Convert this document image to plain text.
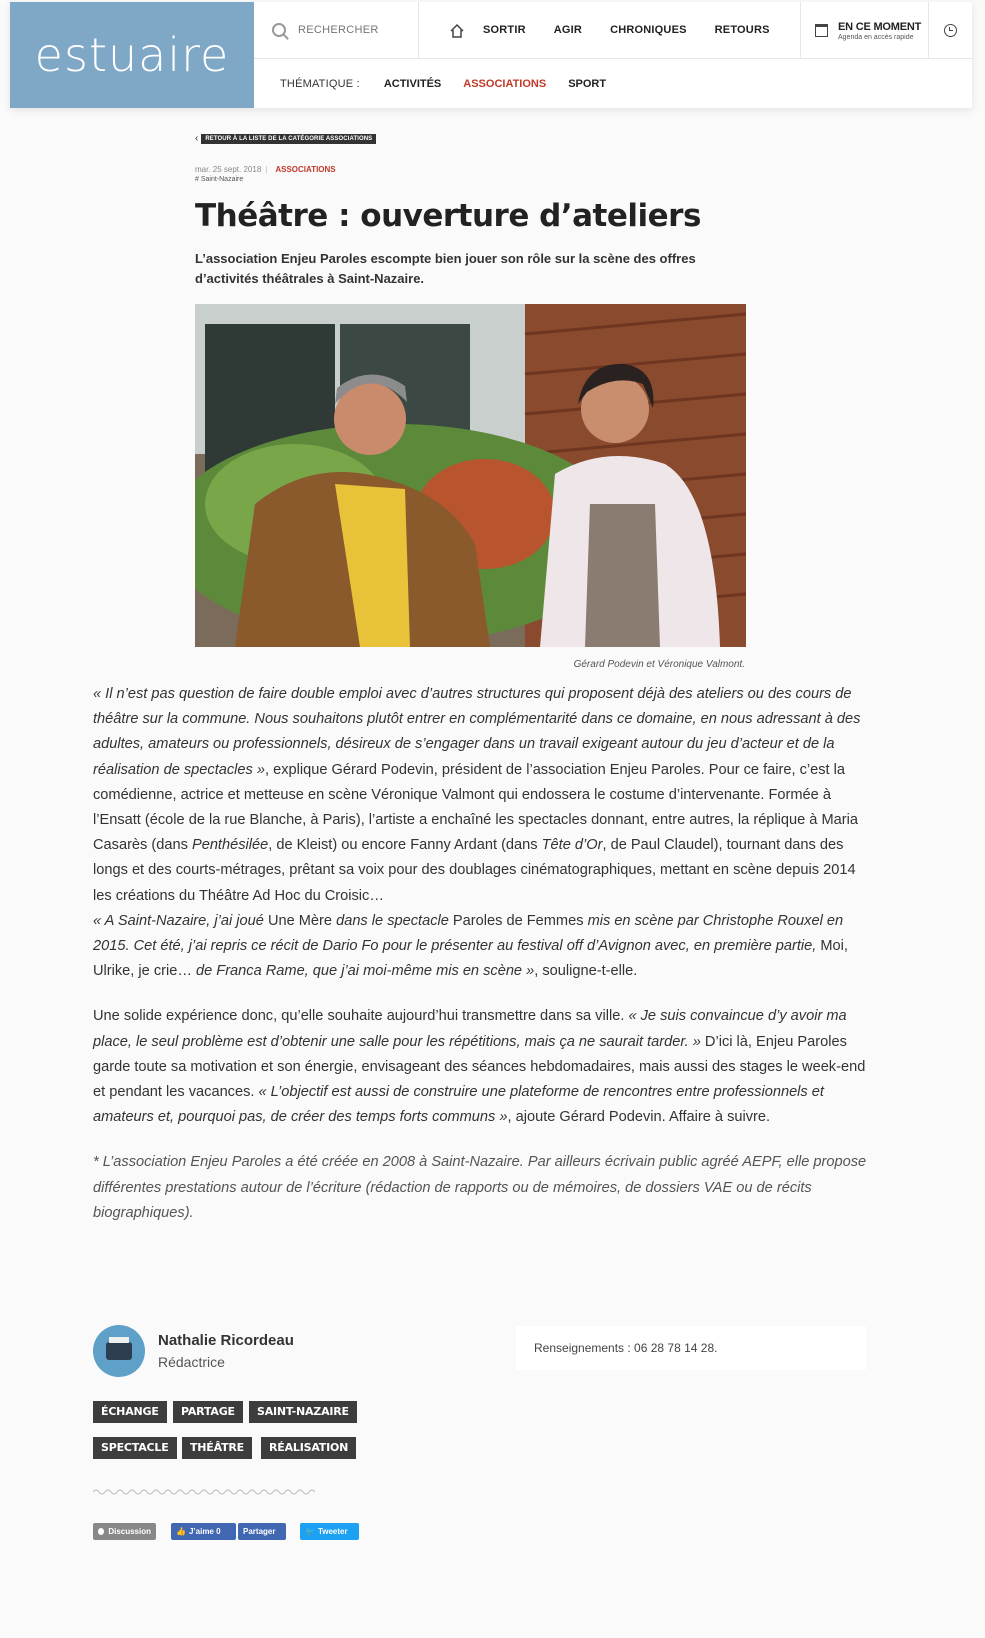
estuaire
RECHERCHER	SORTIR	AGIR	CHRONIQUES	RETOURS	EN CE MOMENT
Agenda en accès rapide
THÉMATIQUE : ACTIVITÉS ASSOCIATIONS SPORT
‹	RETOUR À LA LISTE DE LA CATÉGORIE ASSOCIATIONS
mar. 25 sept. 2018 | ASSOCIATIONS
# Saint-Nazaire
Théâtre : ouverture d’ateliers

L’association Enjeu Paroles escompte bien jouer son rôle sur la scène des offres d’activités théâtrales à Saint-Nazaire.

Gérard Podevin et Véronique Valmont.

« Il n’est pas question de faire double emploi avec d’autres structures qui proposent déjà des ateliers ou des cours de théâtre sur la commune. Nous souhaitons plutôt entrer en complémentarité dans ce domaine, en nous adressant à des adultes, amateurs ou professionnels, désireux de s’engager dans un travail exigeant autour du jeu d’acteur et de la réalisation de spectacles », explique Gérard Podevin, président de l’association Enjeu Paroles. Pour ce faire, c’est la comédienne, actrice et metteuse en scène Véronique Valmont qui endossera le costume d’intervenante. Formée à l’Ensatt (école de la rue Blanche, à Paris), l’artiste a enchaîné les spectacles donnant, entre autres, la réplique à Maria Casarès (dans Penthésilée, de Kleist) ou encore Fanny Ardant (dans Tête d’Or, de Paul Claudel), tournant dans des longs et des courts-métrages, prêtant sa voix pour des doublages cinématographiques, mettant en scène depuis 2014 les créations du Théâtre Ad Hoc du Croisic…
« A Saint-Nazaire, j’ai joué Une Mère dans le spectacle Paroles de Femmes mis en scène par Christophe Rouxel en 2015. Cet été, j’ai repris ce récit de Dario Fo pour le présenter au festival off d’Avignon avec, en première partie, Moi, Ulrike, je crie… de Franca Rame, que j’ai moi-même mis en scène », souligne-t-elle.

Une solide expérience donc, qu’elle souhaite aujourd’hui transmettre dans sa ville. « Je suis convaincue d’y avoir ma place, le seul problème est d’obtenir une salle pour les répétitions, mais ça ne saurait tarder. » D’ici là, Enjeu Paroles garde toute sa motivation et son énergie, envisageant des séances hebdomadaires, mais aussi des stages le week-end et pendant les vacances. « L’objectif est aussi de construire une plateforme de rencontres entre professionnels et amateurs et, pourquoi pas, de créer des temps forts communs », ajoute Gérard Podevin. Affaire à suivre.

* L’association Enjeu Paroles a été créée en 2008 à Saint-Nazaire. Par ailleurs écrivain public agréé AEPF, elle propose différentes prestations autour de l’écriture (rédaction de rapports ou de mémoires, de dossiers VAE ou de récits biographiques).

Nathalie Ricordeau
Rédactrice
Renseignements : 06 28 78 14 28.
ÉCHANGE	PARTAGE	SAINT-NAZAIRE
SPECTACLE	THÉÂTRE	RÉALISATION
Discussion	👍 J’aime 0	Partager	🐦 Tweeter
